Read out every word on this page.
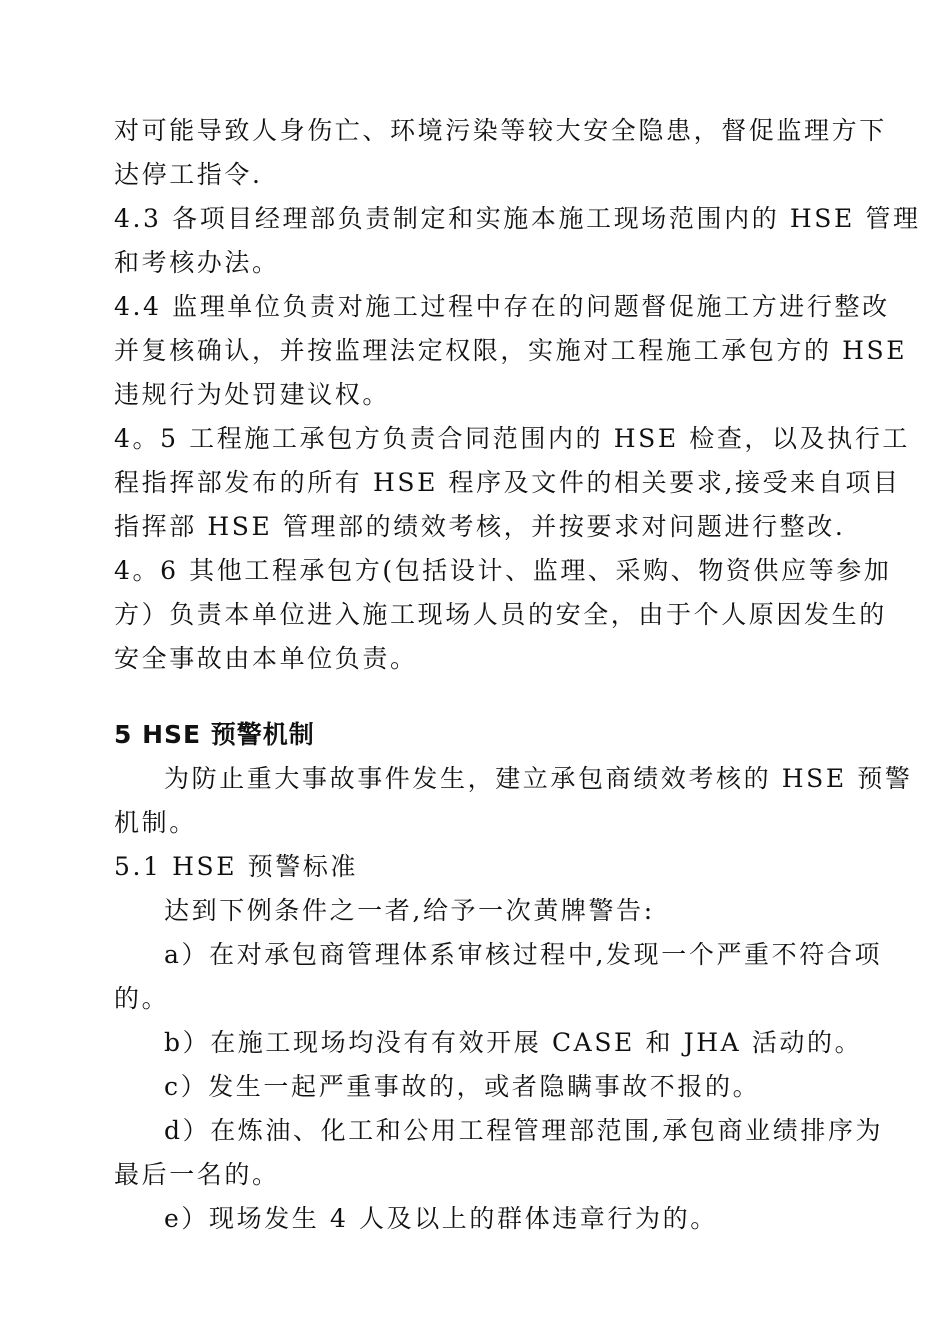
对可能导致人身伤亡、环境污染等较大安全隐患，督促监理方下
达停工指令.
4.3 各项目经理部负责制定和实施本施工现场范围内的 HSE 管理
和考核办法。
4.4 监理单位负责对施工过程中存在的问题督促施工方进行整改
并复核确认，并按监理法定权限，实施对工程施工承包方的 HSE
违规行为处罚建议权。
4。5 工程施工承包方负责合同范围内的 HSE 检查，以及执行工
程指挥部发布的所有 HSE 程序及文件的相关要求,接受来自项目
指挥部 HSE 管理部的绩效考核，并按要求对问题进行整改.
4。6 其他工程承包方(包括设计、监理、采购、物资供应等参加
方）负责本单位进入施工现场人员的安全，由于个人原因发生的
安全事故由本单位负责。
5 HSE 预警机制
为防止重大事故事件发生，建立承包商绩效考核的 HSE 预警
机制。
5.1 HSE 预警标准
达到下例条件之一者,给予一次黄牌警告:
a）在对承包商管理体系审核过程中,发现一个严重不符合项
的。
b）在施工现场均没有有效开展 CASE 和 JHA 活动的。
c）发生一起严重事故的，或者隐瞒事故不报的。
d）在炼油、化工和公用工程管理部范围,承包商业绩排序为
最后一名的。
e）现场发生 4 人及以上的群体违章行为的。
